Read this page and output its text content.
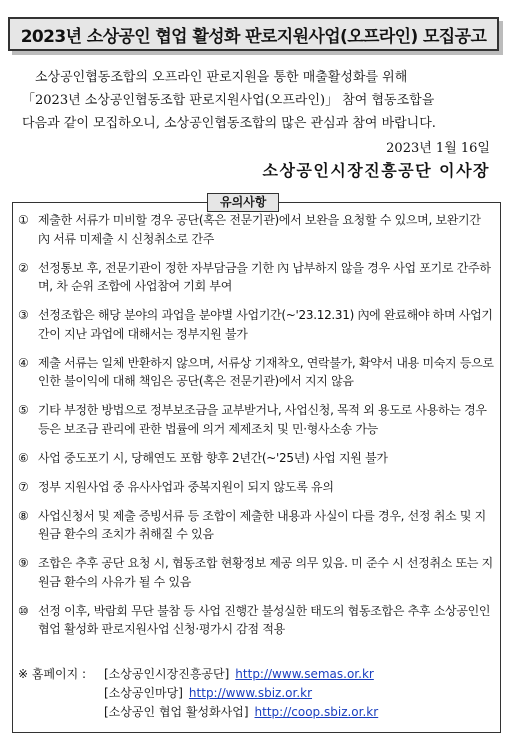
2023년 소상공인 협업 활성화 판로지원사업(오프라인) 모집공고

소상공인협동조합의 오프라인 판로지원을 통한 매출활성화를 위해

「2023년 소상공인협동조합 판로지원사업(오프라인)」 참여 협동조합을

다음과 같이 모집하오니, 소상공인협동조합의 많은 관심과 참여 바랍니다.

2023년 1월 16일
소상공인시장진흥공단 이사장
유의사항
① 제출한 서류가 미비할 경우 공단(혹은 전문기관)에서 보완을 요청할 수 있으며, 보완기간 內 서류 미제출 시 신청취소로 간주
② 선정통보 후, 전문기관이 정한 자부담금을 기한 內 납부하지 않을 경우 사업 포기로 간주하며, 차 순위 조합에 사업참여 기회 부여
③ 선정조합은 해당 분야의 과업을 분야별 사업기간(~'23.12.31) 內에 완료해야 하며 사업기간이 지난 과업에 대해서는 정부지원 불가
④ 제출 서류는 일체 반환하지 않으며, 서류상 기재착오, 연락불가, 확약서 내용 미숙지 등으로 인한 불이익에 대해 책임은 공단(혹은 전문기관)에서 지지 않음
⑤ 기타 부정한 방법으로 정부보조금을 교부받거나, 사업신청, 목적 외 용도로 사용하는 경우 등은 보조금 관리에 관한 법률에 의거 제제조치 및 민·형사소송 가능
⑥ 사업 중도포기 시, 당해연도 포함 향후 2년간(~'25년) 사업 지원 불가
⑦ 정부 지원사업 중 유사사업과 중복지원이 되지 않도록 유의
⑧ 사업신청서 및 제출 증빙서류 등 조합이 제출한 내용과 사실이 다를 경우, 선정 취소 및 지원금 환수의 조치가 취해질 수 있음
⑨ 조합은 추후 공단 요청 시, 협동조합 현황정보 제공 의무 있음. 미 준수 시 선정취소 또는 지원금 환수의 사유가 될 수 있음
⑩ 선정 이후, 박람회 무단 불참 등 사업 진행간 불성실한 태도의 협동조합은 추후 소상공인인 협업 활성화 판로지원사업 신청·평가시 감점 적용
※ 홈페이지 :	[소상공인시장진흥공단] http://www.semas.or.kr
[소상공인마당] http://www.sbiz.or.kr
[소상공인 협업 활성화사업] http://coop.sbiz.or.kr
